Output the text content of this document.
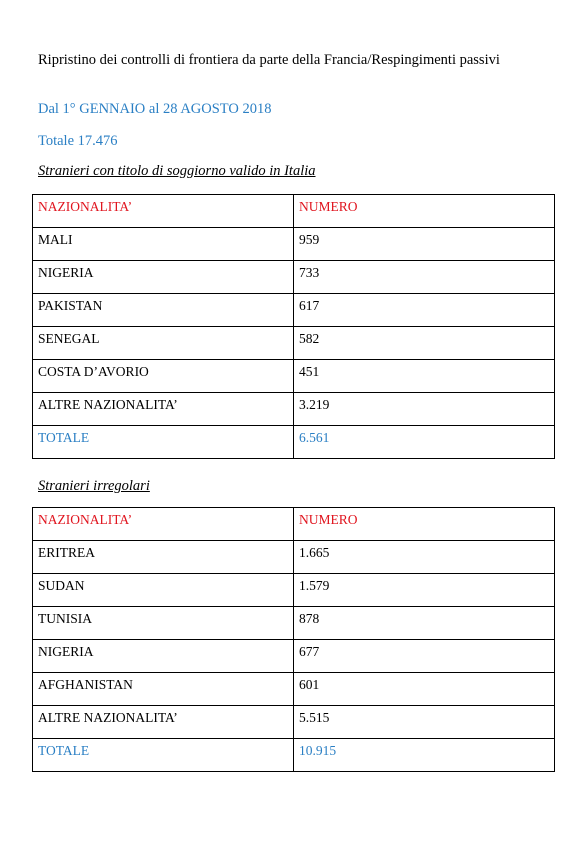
Ripristino dei controlli di frontiera da parte della Francia/Respingimenti passivi
Dal 1° GENNAIO al 28 AGOSTO 2018
Totale 17.476
Stranieri con titolo di soggiorno valido in Italia
NAZIONALITA’	NUMERO
MALI	959
NIGERIA	733
PAKISTAN	617
SENEGAL	582
COSTA D’AVORIO	451
ALTRE NAZIONALITA’	3.219
TOTALE	6.561
Stranieri irregolari
NAZIONALITA’	NUMERO
ERITREA	1.665
SUDAN	1.579
TUNISIA	878
NIGERIA	677
AFGHANISTAN	601
ALTRE NAZIONALITA’	5.515
TOTALE	10.915
